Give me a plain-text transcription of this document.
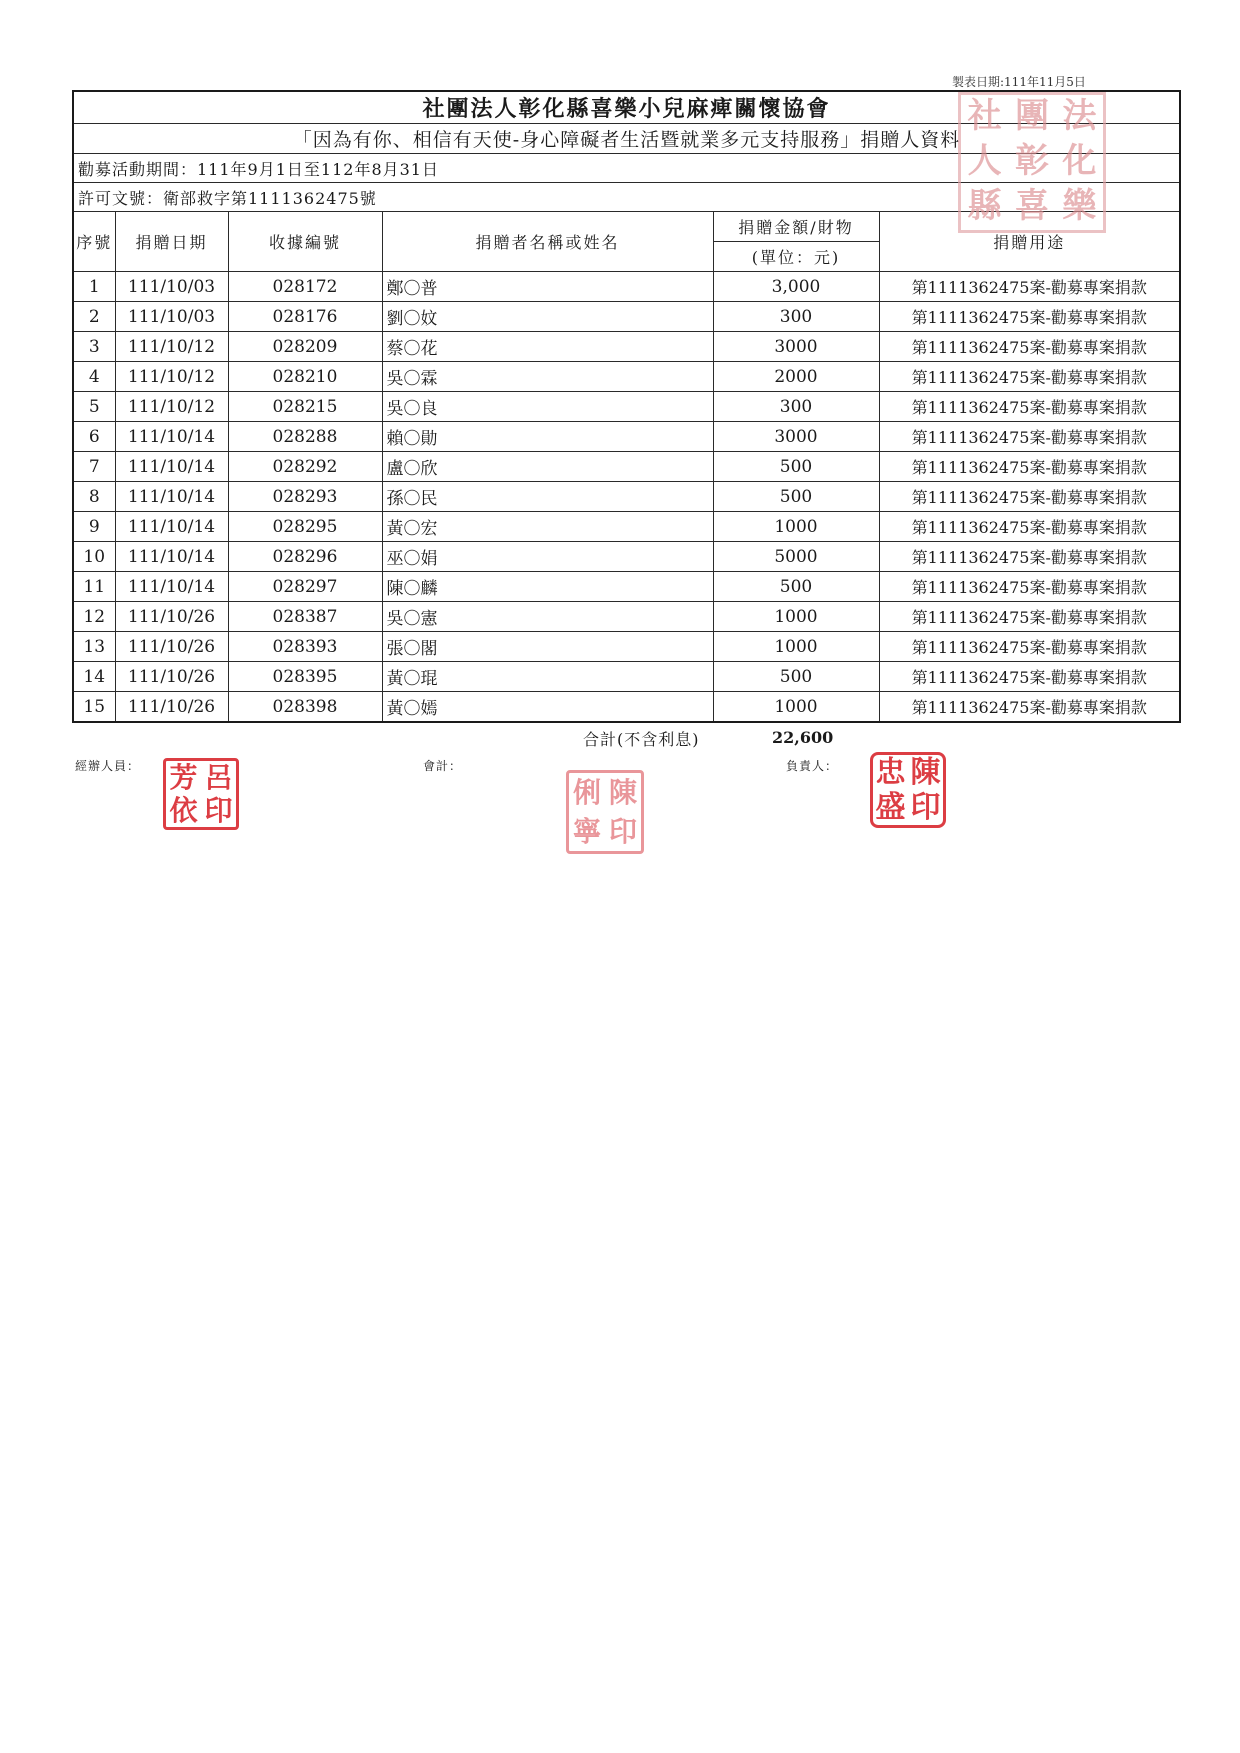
製表日期:111年11月5日
社團法人彰化縣喜樂小兒麻痺關懷協會					
「因為有你、相信有天使-身心障礙者生活暨就業多元支持服務」捐贈人資料					
勸募活動期間：111年9月1日至112年8月31日					
許可文號：衛部救字第1111362475號					
序號	捐贈日期	收據編號	捐贈者名稱或姓名	捐贈金額/財物	捐贈用途
				(單位：元)	
1	111/10/03	028172	鄭〇普	3,000	第1111362475案-勸募專案捐款
2	111/10/03	028176	劉〇妏	300	第1111362475案-勸募專案捐款
3	111/10/12	028209	蔡〇花	3000	第1111362475案-勸募專案捐款
4	111/10/12	028210	吳〇霖	2000	第1111362475案-勸募專案捐款
5	111/10/12	028215	吳〇良	300	第1111362475案-勸募專案捐款
6	111/10/14	028288	賴〇勛	3000	第1111362475案-勸募專案捐款
7	111/10/14	028292	盧〇欣	500	第1111362475案-勸募專案捐款
8	111/10/14	028293	孫〇民	500	第1111362475案-勸募專案捐款
9	111/10/14	028295	黃〇宏	1000	第1111362475案-勸募專案捐款
10	111/10/14	028296	巫〇娟	5000	第1111362475案-勸募專案捐款
11	111/10/14	028297	陳〇麟	500	第1111362475案-勸募專案捐款
12	111/10/26	028387	吳〇憲	1000	第1111362475案-勸募專案捐款
13	111/10/26	028393	張〇閣	1000	第1111362475案-勸募專案捐款
14	111/10/26	028395	黃〇琨	500	第1111362475案-勸募專案捐款
15	111/10/26	028398	黃〇嫣	1000	第1111362475案-勸募專案捐款
合計(不含利息)	22,600
經辦人員：	會計：	負責人：
社 團 法
人 彰 化
縣 喜 樂
芳 呂
依 印
俐 陳
寧 印
忠 陳
盛 印
